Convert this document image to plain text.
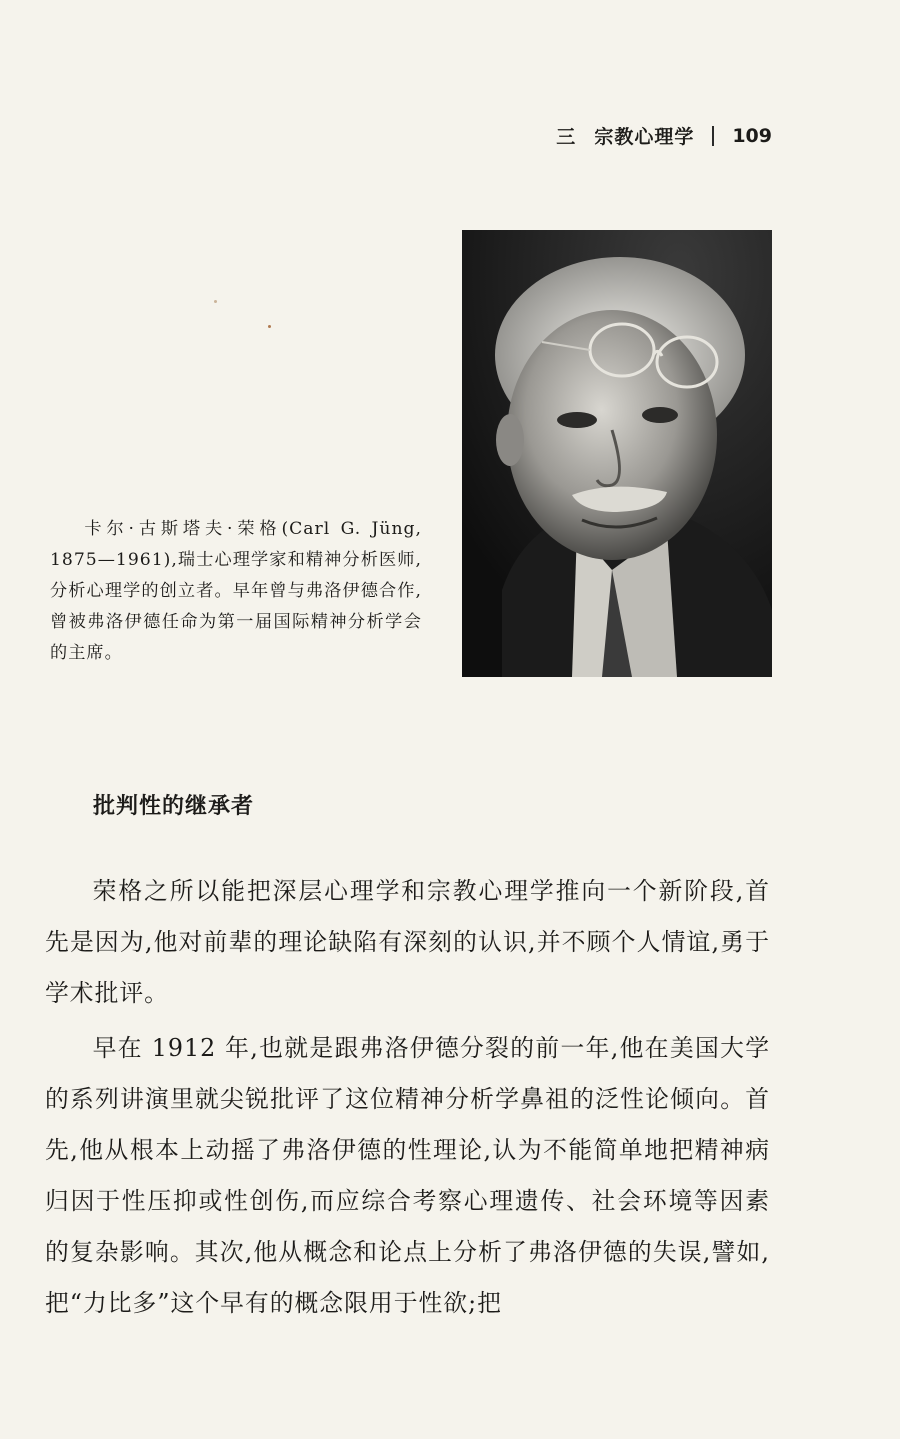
三 宗教心理学 109

卡尔·古斯塔夫·荣格(Carl G. Jüng, 1875—1961),瑞士心理学家和精神分析医师,分析心理学的创立者。早年曾与弗洛伊德合作,曾被弗洛伊德任命为第一届国际精神分析学会的主席。

批判性的继承者

荣格之所以能把深层心理学和宗教心理学推向一个新阶段,首先是因为,他对前辈的理论缺陷有深刻的认识,并不顾个人情谊,勇于学术批评。

早在 1912 年,也就是跟弗洛伊德分裂的前一年,他在美国大学的系列讲演里就尖锐批评了这位精神分析学鼻祖的泛性论倾向。首先,他从根本上动摇了弗洛伊德的性理论,认为不能简单地把精神病归因于性压抑或性创伤,而应综合考察心理遗传、社会环境等因素的复杂影响。其次,他从概念和论点上分析了弗洛伊德的失误,譬如,把“力比多”这个早有的概念限用于性欲;把
